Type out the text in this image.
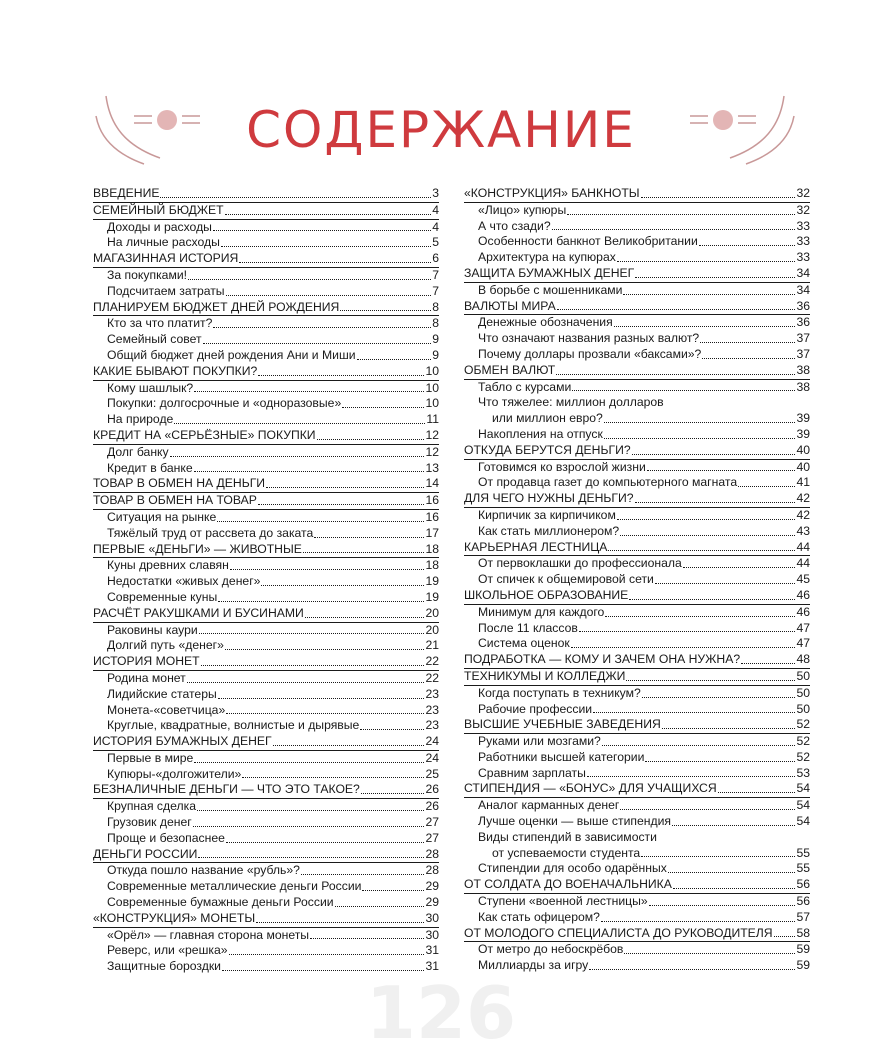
СОДЕРЖАНИЕ
ВВЕДЕНИЕ	3
СЕМЕЙНЫЙ БЮДЖЕТ	4
Доходы и расходы	4
На личные расходы	5
МАГАЗИННАЯ ИСТОРИЯ	6
За покупками!	7
Подсчитаем затраты	7
ПЛАНИРУЕМ БЮДЖЕТ ДНЕЙ РОЖДЕНИЯ	8
Кто за что платит?	8
Семейный совет	9
Общий бюджет дней рождения Ани и Миши	9
КАКИЕ БЫВАЮТ ПОКУПКИ?	10
Кому шашлык?	10
Покупки: долгосрочные и «одноразовые»	10
На природе	11
КРЕДИТ НА «СЕРЬЁЗНЫЕ» ПОКУПКИ	12
Долг банку	12
Кредит в банке	13
ТОВАР В ОБМЕН НА ДЕНЬГИ	14
ТОВАР В ОБМЕН НА ТОВАР	16
Ситуация на рынке	16
Тяжёлый труд от рассвета до заката	17
ПЕРВЫЕ «ДЕНЬГИ» — ЖИВОТНЫЕ	18
Куны древних славян	18
Недостатки «живых денег»	19
Современные куны	19
РАСЧЁТ РАКУШКАМИ И БУСИНАМИ	20
Раковины каури	20
Долгий путь «денег»	21
ИСТОРИЯ МОНЕТ	22
Родина монет	22
Лидийские статеры	23
Монета-«советчица»	23
Круглые, квадратные, волнистые и дырявые	23
ИСТОРИЯ БУМАЖНЫХ ДЕНЕГ	24
Первые в мире	24
Купюры-«долгожители»	25
БЕЗНАЛИЧНЫЕ ДЕНЬГИ — ЧТО ЭТО ТАКОЕ?	26
Крупная сделка	26
Грузовик денег	27
Проще и безопаснее	27
ДЕНЬГИ РОССИИ	28
Откуда пошло название «рубль»?	28
Современные металлические деньги России	29
Современные бумажные деньги России	29
«КОНСТРУКЦИЯ» МОНЕТЫ	30
«Орёл» — главная сторона монеты	30
Реверс, или «решка»	31
Защитные бороздки	31
«КОНСТРУКЦИЯ» БАНКНОТЫ	32
«Лицо» купюры	32
А что сзади?	33
Особенности банкнот Великобритании	33
Архитектура на купюрах	33
ЗАЩИТА БУМАЖНЫХ ДЕНЕГ	34
В борьбе с мошенниками	34
ВАЛЮТЫ МИРА	36
Денежные обозначения	36
Что означают названия разных валют?	37
Почему доллары прозвали «баксами»?	37
ОБМЕН ВАЛЮТ	38
Табло с курсами	38
Что тяжелее: миллион долларов
или миллион евро?	39
Накопления на отпуск	39
ОТКУДА БЕРУТСЯ ДЕНЬГИ?	40
Готовимся ко взрослой жизни	40
От продавца газет до компьютерного магната	41
ДЛЯ ЧЕГО НУЖНЫ ДЕНЬГИ?	42
Кирпичик за кирпичиком	42
Как стать миллионером?	43
КАРЬЕРНАЯ ЛЕСТНИЦА	44
От первоклашки до профессионала	44
От спичек к общемировой сети	45
ШКОЛЬНОЕ ОБРАЗОВАНИЕ	46
Минимум для каждого	46
После 11 классов	47
Система оценок	47
ПОДРАБОТКА — КОМУ И ЗАЧЕМ ОНА НУЖНА?	48
ТЕХНИКУМЫ И КОЛЛЕДЖИ	50
Когда поступать в техникум?	50
Рабочие профессии	50
ВЫСШИЕ УЧЕБНЫЕ ЗАВЕДЕНИЯ	52
Руками или мозгами?	52
Работники высшей категории	52
Сравним зарплаты	53
СТИПЕНДИЯ — «БОНУС» ДЛЯ УЧАЩИХСЯ	54
Аналог карманных денег	54
Лучше оценки — выше стипендия	54
Виды стипендий в зависимости
от успеваемости студента	55
Стипендии для особо одарённых	55
ОТ СОЛДАТА ДО ВОЕНАЧАЛЬНИКА	56
Ступени «военной лестницы»	56
Как стать офицером?	57
ОТ МОЛОДОГО СПЕЦИАЛИСТА ДО РУКОВОДИТЕЛЯ 58
От метро до небоскрёбов	59
Миллиарды за игру	59
126
